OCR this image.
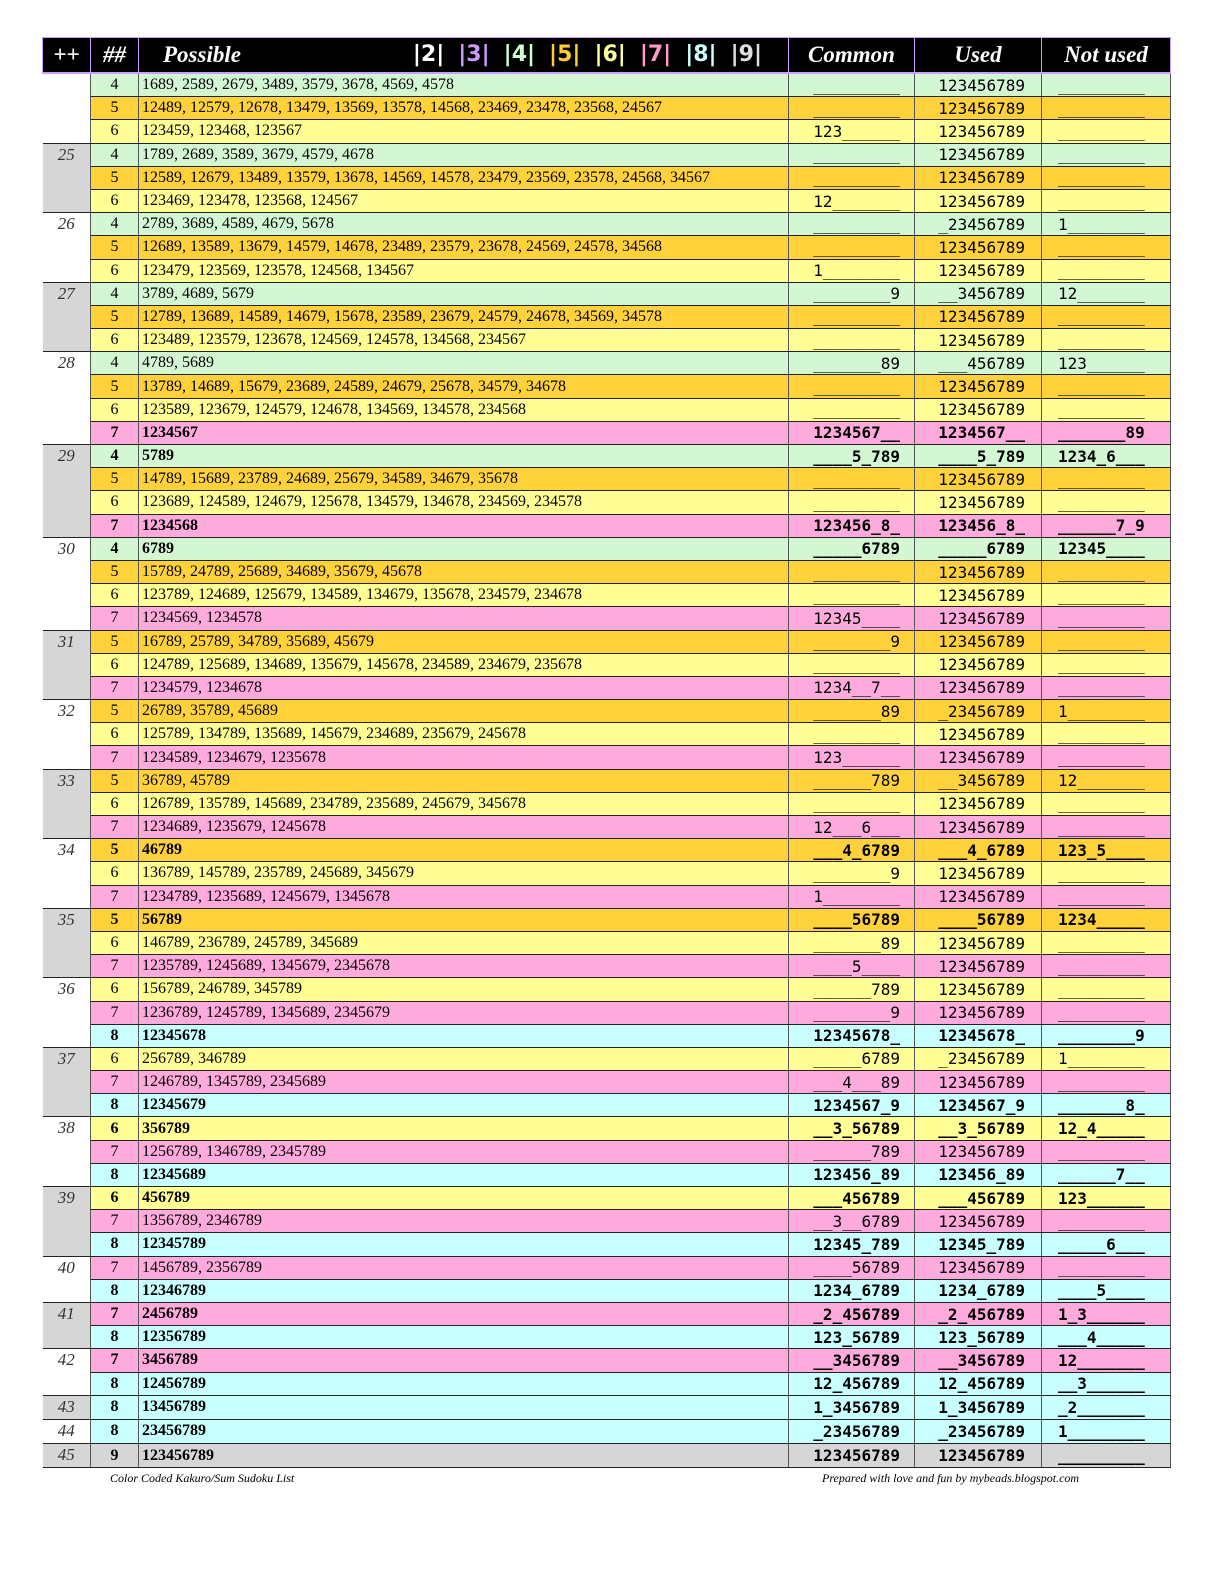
++	##	Possible |2| |3| |4| |5| |6| |7| |8| |9|	Common	Used	Not used
	4	1689, 2589, 2679, 3489, 3579, 3678, 4569, 4578	_________	123456789	_________
	5	12489, 12579, 12678, 13479, 13569, 13578, 14568, 23469, 23478, 23568, 24567	_________	123456789	_________
	6	123459, 123468, 123567	123______	123456789	_________
25	4	1789, 2689, 3589, 3679, 4579, 4678	_________	123456789	_________
	5	12589, 12679, 13489, 13579, 13678, 14569, 14578, 23479, 23569, 23578, 24568, 34567	_________	123456789	_________
	6	123469, 123478, 123568, 124567	12_______	123456789	_________
26	4	2789, 3689, 4589, 4679, 5678	_________	_23456789	1________
	5	12689, 13589, 13679, 14579, 14678, 23489, 23579, 23678, 24569, 24578, 34568	_________	123456789	_________
	6	123479, 123569, 123578, 124568, 134567	1________	123456789	_________
27	4	3789, 4689, 5679	________9	__3456789	12_______
	5	12789, 13689, 14589, 14679, 15678, 23589, 23679, 24579, 24678, 34569, 34578	_________	123456789	_________
	6	123489, 123579, 123678, 124569, 124578, 134568, 234567	_________	123456789	_________
28	4	4789, 5689	_______89	___456789	123______
	5	13789, 14689, 15679, 23689, 24589, 24679, 25678, 34579, 34678	_________	123456789	_________
	6	123589, 123679, 124579, 124678, 134569, 134578, 234568	_________	123456789	_________
	7	1234567	1234567__	1234567__	_______89
29	4	5789	____5_789	____5_789	1234_6___
	5	14789, 15689, 23789, 24689, 25679, 34589, 34679, 35678	_________	123456789	_________
	6	123689, 124589, 124679, 125678, 134579, 134678, 234569, 234578	_________	123456789	_________
	7	1234568	123456_8_	123456_8_	______7_9
30	4	6789	_____6789	_____6789	12345____
	5	15789, 24789, 25689, 34689, 35679, 45678	_________	123456789	_________
	6	123789, 124689, 125679, 134589, 134679, 135678, 234579, 234678	_________	123456789	_________
	7	1234569, 1234578	12345____	123456789	_________
31	5	16789, 25789, 34789, 35689, 45679	________9	123456789	_________
	6	124789, 125689, 134689, 135679, 145678, 234589, 234679, 235678	_________	123456789	_________
	7	1234579, 1234678	1234__7__	123456789	_________
32	5	26789, 35789, 45689	_______89	_23456789	1________
	6	125789, 134789, 135689, 145679, 234689, 235679, 245678	_________	123456789	_________
	7	1234589, 1234679, 1235678	123______	123456789	_________
33	5	36789, 45789	______789	__3456789	12_______
	6	126789, 135789, 145689, 234789, 235689, 245679, 345678	_________	123456789	_________
	7	1234689, 1235679, 1245678	12___6___	123456789	_________
34	5	46789	___4_6789	___4_6789	123_5____
	6	136789, 145789, 235789, 245689, 345679	________9	123456789	_________
	7	1234789, 1235689, 1245679, 1345678	1________	123456789	_________
35	5	56789	____56789	____56789	1234_____
	6	146789, 236789, 245789, 345689	_______89	123456789	_________
	7	1235789, 1245689, 1345679, 2345678	____5____	123456789	_________
36	6	156789, 246789, 345789	______789	123456789	_________
	7	1236789, 1245789, 1345689, 2345679	________9	123456789	_________
	8	12345678	12345678_	12345678_	________9
37	6	256789, 346789	_____6789	_23456789	1________
	7	1246789, 1345789, 2345689	___4___89	123456789	_________
	8	12345679	1234567_9	1234567_9	_______8_
38	6	356789	__3_56789	__3_56789	12_4_____
	7	1256789, 1346789, 2345789	______789	123456789	_________
	8	12345689	123456_89	123456_89	______7__
39	6	456789	___456789	___456789	123______
	7	1356789, 2346789	__3__6789	123456789	_________
	8	12345789	12345_789	12345_789	_____6___
40	7	1456789, 2356789	____56789	123456789	_________
	8	12346789	1234_6789	1234_6789	____5____
41	7	2456789	_2_456789	_2_456789	1_3______
	8	12356789	123_56789	123_56789	___4_____
42	7	3456789	__3456789	__3456789	12_______
	8	12456789	12_456789	12_456789	__3______
43	8	13456789	1_3456789	1_3456789	_2_______
44	8	23456789	_23456789	_23456789	1________
45	9	123456789	123456789	123456789	_________
Color Coded Kakuro/Sum Sudoku List	Prepared with love and fun by mybeads.blogspot.com
